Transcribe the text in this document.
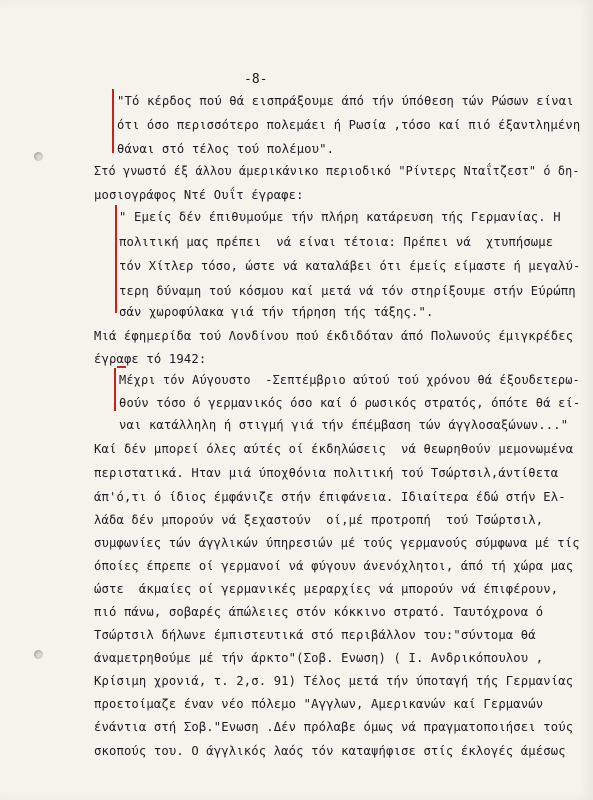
-8-
"Τό κέρδος πού θά εισπράξουμε άπό τήν ύπόθεση τών Ρώσων είναι
ότι όσο περισσότερο πολεμάει ή Ρωσία ,τόσο καί πιό έξαντλημένη
θάναι στό τέλος τού πολέμου".
Στό γνωστό έξ άλλου άμερικάνικο περιοδικό "Ρίντερς Νταΐτζεστ" ό δη-
μοσιογράφος Ντέ Ουΐτ έγραφε:
" Εμείς δέν έπιθυμούμε τήν πλήρη κατάρευση τής Γερμανίας. Η
πολιτική μας πρέπει  νά είναι τέτοια: Πρέπει νά  χτυπήσωμε
τόν Χίτλερ τόσο, ώστε νά καταλάβει ότι έμείς είμαστε ή μεγαλύ-
τερη δύναμη τού κόσμου καί μετά νά τόν στηρίξουμε στήν Εύρώπη
σάν χωροφύλακα γιά τήν τήρηση τής τάξης.".
Μιά έφημερίδα τού Λονδίνου πού έκδιδόταν άπό Πολωνούς έμιγκρέδες
έγραφε τό 1942:
Μέχρι τόν Αύγουστο  -Σεπτέμβριο αύτού τού χρόνου θά έξουδετερω-
θούν τόσο ό γερμανικός όσο καί ό ρωσικός στρατός, όπότε θά εί-
ναι κατάλληλη ή στιγμή γιά τήν έπέμβαση τών άγγλοσαξώνων..."
Καί δέν μπορεί όλες αύτές οί έκδηλώσεις  νά θεωρηθούν μεμονωμένα
περιστατικά. Ηταν μιά ύποχθόνια πολιτική τού Τσώρτσιλ,άντίθετα
άπ'ό,τι ό ίδιος έμφάνιζε στήν έπιφάνεια. Ιδιαίτερα έδώ στήν Ελ-
λάδα δέν μπορούν νά ξεχαστούν  οί,μέ προτροπή  τού Τσώρτσιλ,
συμφωνίες τών άγγλικών ύπηρεσιών μέ τούς γερμανούς σύμφωνα μέ τίς
όποίες έπρεπε οί γερμανοί νά φύγουν άνενόχλητοι, άπό τή χώρα μας
ώστε  άκμαίες οί γερμανικές μεραρχίες νά μπορούν νά έπιφέρουν,
πιό πάνω, σοβαρές άπώλειες στόν κόκκινο στρατό. Ταυτόχρονα ό
Τσώρτσιλ δήλωνε έμπιστευτικά στό περιβάλλον του:"σύντομα θά
άναμετρηθούμε μέ τήν άρκτο"(Σοβ. Ενωση) ( Ι. Ανδρικόπουλου ,
Κρίσιμη χρονιά, τ. 2,σ. 91) Τέλος μετά τήν ύποταγή τής Γερμανίας
προετοίμαζε έναν νέο πόλεμο "Αγγλων, Αμερικανών καί Γερμανών
ένάντια στή Σοβ."Ενωση .Δέν πρόλαβε όμως νά πραγματοποιήσει τούς
σκοπούς του. Ο άγγλικός λαός τόν καταψήφισε στίς έκλογές άμέσως
